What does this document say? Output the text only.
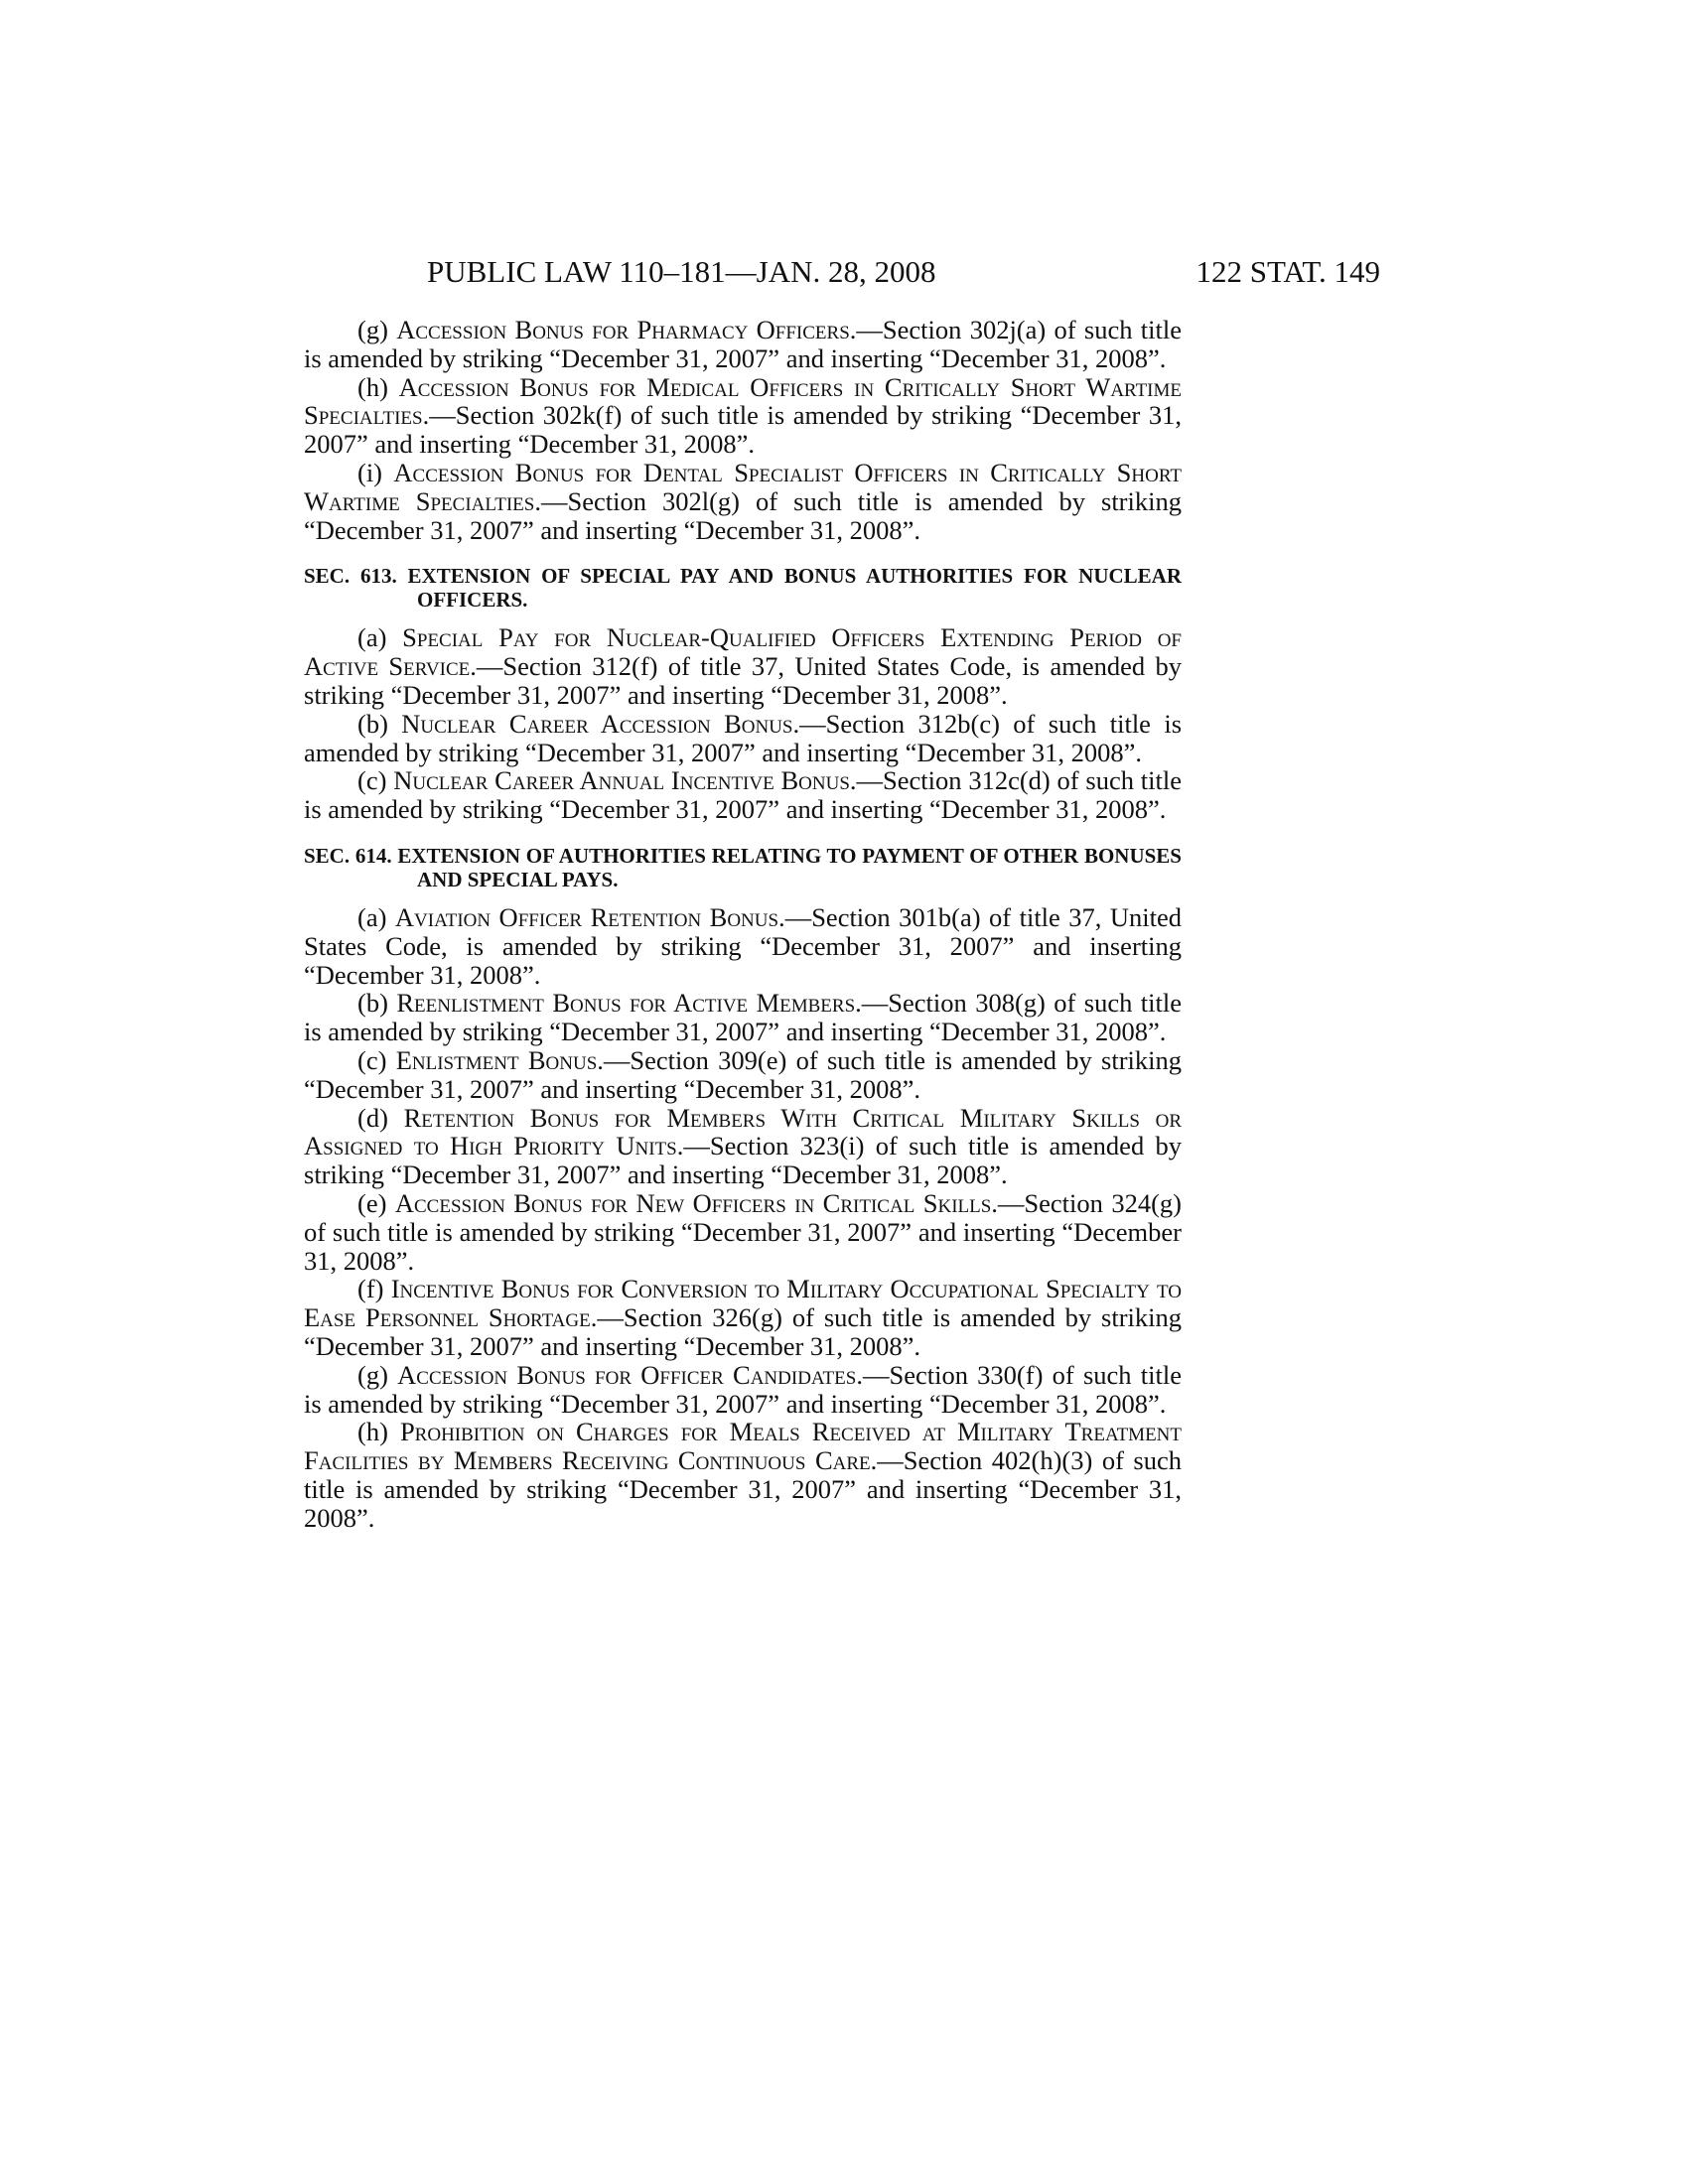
PUBLIC LAW 110–181—JAN. 28, 2008	122 STAT. 149

(g) Accession Bonus for Pharmacy Officers.—Section 302j(a) of such title is amended by striking “December 31, 2007” and inserting “December 31, 2008”.

(h) Accession Bonus for Medical Officers in Critically Short Wartime Specialties.—Section 302k(f) of such title is amended by striking “December 31, 2007” and inserting “December 31, 2008”.

(i) Accession Bonus for Dental Specialist Officers in Critically Short Wartime Specialties.—Section 302l(g) of such title is amended by striking “December 31, 2007” and inserting “December 31, 2008”.

SEC. 613. EXTENSION OF SPECIAL PAY AND BONUS AUTHORITIES FOR NUCLEAR OFFICERS.

(a) Special Pay for Nuclear-Qualified Officers Extending Period of Active Service.—Section 312(f) of title 37, United States Code, is amended by striking “December 31, 2007” and inserting “December 31, 2008”.

(b) Nuclear Career Accession Bonus.—Section 312b(c) of such title is amended by striking “December 31, 2007” and inserting “December 31, 2008”.

(c) Nuclear Career Annual Incentive Bonus.—Section 312c(d) of such title is amended by striking “December 31, 2007” and inserting “December 31, 2008”.

SEC. 614. EXTENSION OF AUTHORITIES RELATING TO PAYMENT OF OTHER BONUSES AND SPECIAL PAYS.

(a) Aviation Officer Retention Bonus.—Section 301b(a) of title 37, United States Code, is amended by striking “December 31, 2007” and inserting “December 31, 2008”.

(b) Reenlistment Bonus for Active Members.—Section 308(g) of such title is amended by striking “December 31, 2007” and inserting “December 31, 2008”.

(c) Enlistment Bonus.—Section 309(e) of such title is amended by striking “December 31, 2007” and inserting “December 31, 2008”.

(d) Retention Bonus for Members With Critical Military Skills or Assigned to High Priority Units.—Section 323(i) of such title is amended by striking “December 31, 2007” and inserting “December 31, 2008”.

(e) Accession Bonus for New Officers in Critical Skills.—Section 324(g) of such title is amended by striking “December 31, 2007” and inserting “December 31, 2008”.

(f) Incentive Bonus for Conversion to Military Occupational Specialty to Ease Personnel Shortage.—Section 326(g) of such title is amended by striking “December 31, 2007” and inserting “December 31, 2008”.

(g) Accession Bonus for Officer Candidates.—Section 330(f) of such title is amended by striking “December 31, 2007” and inserting “December 31, 2008”.

(h) Prohibition on Charges for Meals Received at Military Treatment Facilities by Members Receiving Continuous Care.—Section 402(h)(3) of such title is amended by striking “December 31, 2007” and inserting “December 31, 2008”.
